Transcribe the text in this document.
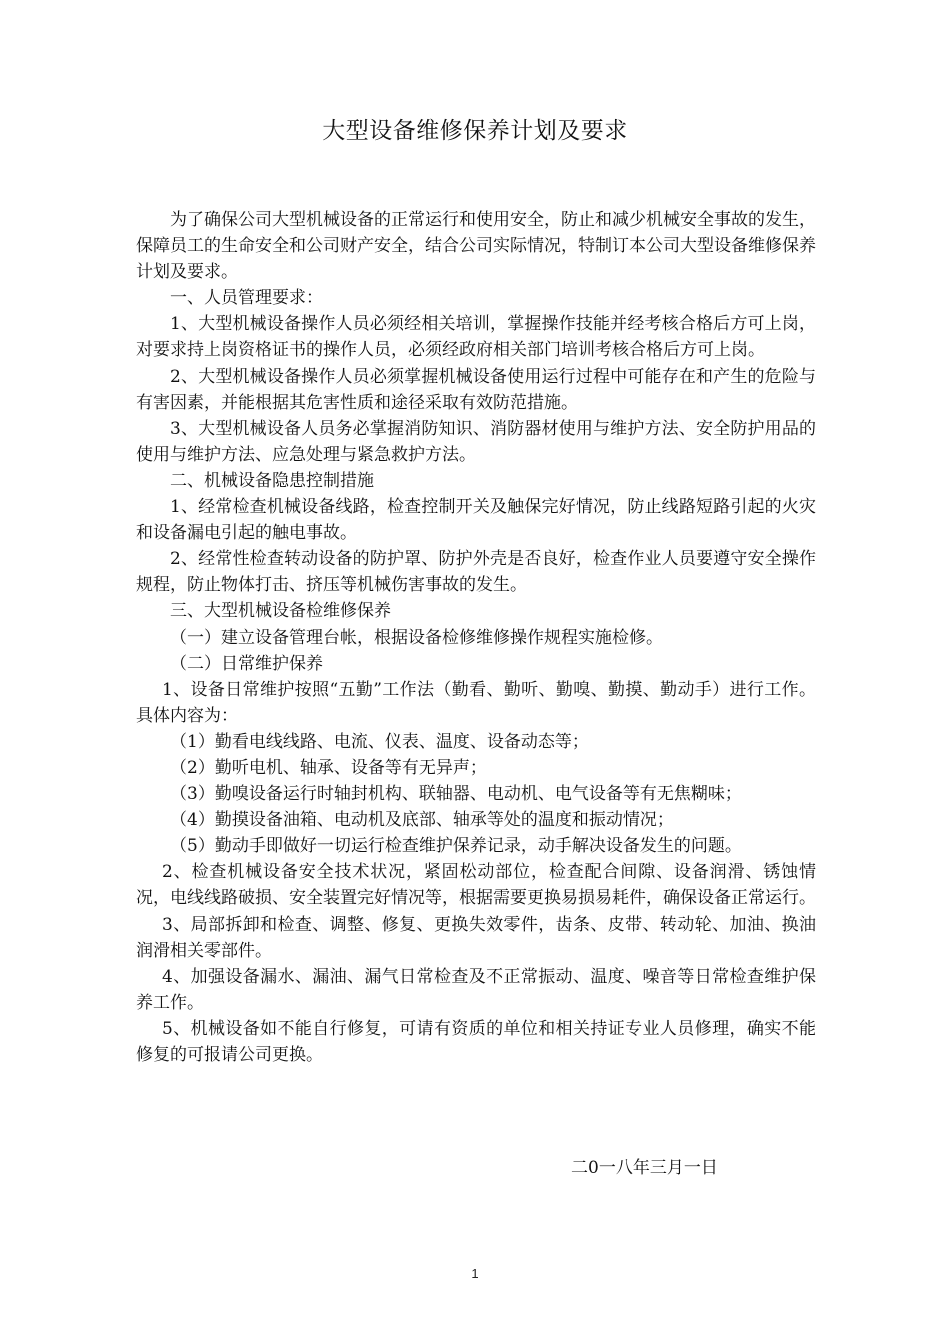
大型设备维修保养计划及要求

为了确保公司大型机械设备的正常运行和使用安全，防止和减少机械安全事故的发生，保障员工的生命安全和公司财产安全，结合公司实际情况，特制订本公司大型设备维修保养计划及要求。

一、人员管理要求：

1、大型机械设备操作人员必须经相关培训，掌握操作技能并经考核合格后方可上岗，对要求持上岗资格证书的操作人员，必须经政府相关部门培训考核合格后方可上岗。

2、大型机械设备操作人员必须掌握机械设备使用运行过程中可能存在和产生的危险与有害因素，并能根据其危害性质和途径采取有效防范措施。

3、大型机械设备人员务必掌握消防知识、消防器材使用与维护方法、安全防护用品的使用与维护方法、应急处理与紧急救护方法。

二、机械设备隐患控制措施

1、经常检查机械设备线路，检查控制开关及触保完好情况，防止线路短路引起的火灾和设备漏电引起的触电事故。

2、经常性检查转动设备的防护罩、防护外壳是否良好，检查作业人员要遵守安全操作规程，防止物体打击、挤压等机械伤害事故的发生。

三、大型机械设备检维修保养

（一）建立设备管理台帐，根据设备检修维修操作规程实施检修。

（二）日常维护保养

1、设备日常维护按照“五勤”工作法（勤看、勤听、勤嗅、勤摸、勤动手）进行工作。具体内容为：

（1）勤看电线线路、电流、仪表、温度、设备动态等；

（2）勤听电机、轴承、设备等有无异声；

（3）勤嗅设备运行时轴封机构、联轴器、电动机、电气设备等有无焦糊味；

（4）勤摸设备油箱、电动机及底部、轴承等处的温度和振动情况；

（5）勤动手即做好一切运行检查维护保养记录，动手解决设备发生的问题。

2、检查机械设备安全技术状况，紧固松动部位，检查配合间隙、设备润滑、锈蚀情况，电线线路破损、安全装置完好情况等，根据需要更换易损易耗件，确保设备正常运行。

3、局部拆卸和检查、调整、修复、更换失效零件，齿条、皮带、转动轮、加油、换油润滑相关零部件。

4、加强设备漏水、漏油、漏气日常检查及不正常振动、温度、噪音等日常检查维护保养工作。

5、机械设备如不能自行修复，可请有资质的单位和相关持证专业人员修理，确实不能修复的可报请公司更换。

二0一八年三月一日
1
